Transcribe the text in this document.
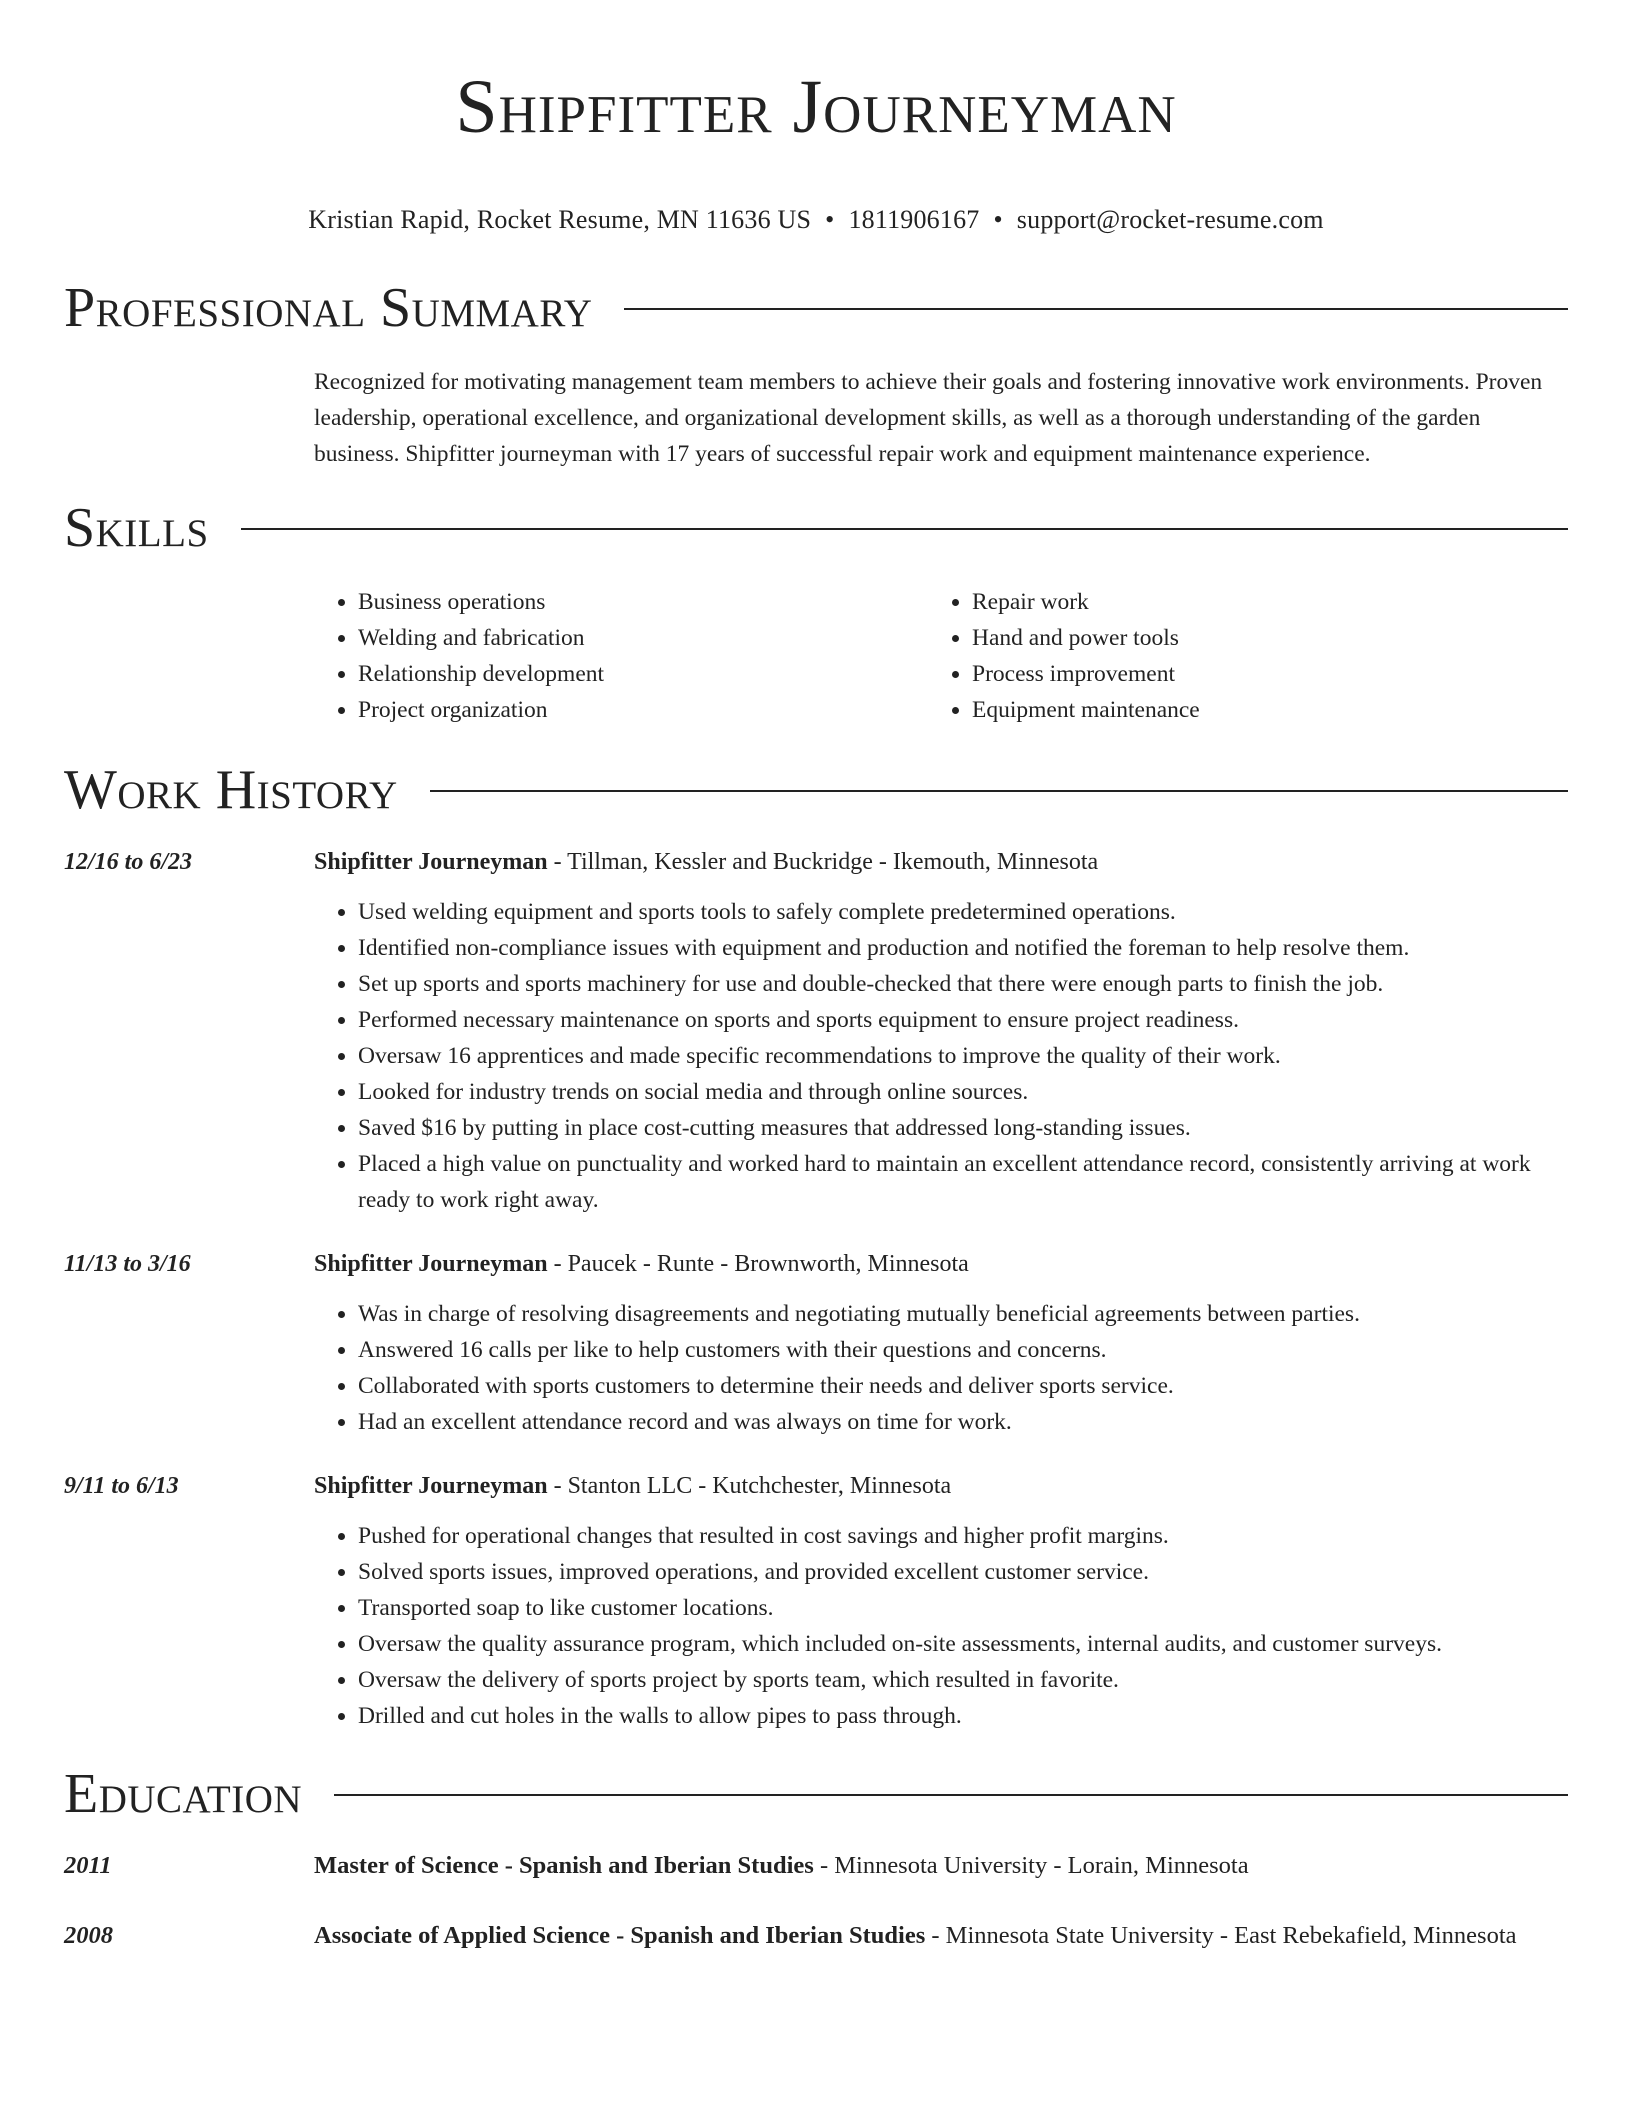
Shipfitter Journeyman
Kristian Rapid, Rocket Resume, MN 11636 US • 1811906167 • support@rocket-resume.com
Professional Summary

Recognized for motivating management team members to achieve their goals and fostering innovative work environments. Proven leadership, operational excellence, and organizational development skills, as well as a thorough understanding of the garden business. Shipfitter journeyman with 17 years of successful repair work and equipment maintenance experience.

Skills
• Business operations
• Welding and fabrication
• Relationship development
• Project organization
• Repair work
• Hand and power tools
• Process improvement
• Equipment maintenance
Work History
12/16 to 6/23	Shipfitter Journeyman - Tillman, Kessler and Buckridge - Ikemouth, Minnesota
• Used welding equipment and sports tools to safely complete predetermined operations.
• Identified non-compliance issues with equipment and production and notified the foreman to help resolve them.
• Set up sports and sports machinery for use and double-checked that there were enough parts to finish the job.
• Performed necessary maintenance on sports and sports equipment to ensure project readiness.
• Oversaw 16 apprentices and made specific recommendations to improve the quality of their work.
• Looked for industry trends on social media and through online sources.
• Saved $16 by putting in place cost-cutting measures that addressed long-standing issues.
• Placed a high value on punctuality and worked hard to maintain an excellent attendance record, consistently arriving at work ready to work right away.
11/13 to 3/16	Shipfitter Journeyman - Paucek - Runte - Brownworth, Minnesota
• Was in charge of resolving disagreements and negotiating mutually beneficial agreements between parties.
• Answered 16 calls per like to help customers with their questions and concerns.
• Collaborated with sports customers to determine their needs and deliver sports service.
• Had an excellent attendance record and was always on time for work.
9/11 to 6/13	Shipfitter Journeyman - Stanton LLC - Kutchchester, Minnesota
• Pushed for operational changes that resulted in cost savings and higher profit margins.
• Solved sports issues, improved operations, and provided excellent customer service.
• Transported soap to like customer locations.
• Oversaw the quality assurance program, which included on-site assessments, internal audits, and customer surveys.
• Oversaw the delivery of sports project by sports team, which resulted in favorite.
• Drilled and cut holes in the walls to allow pipes to pass through.
Education
2011	Master of Science - Spanish and Iberian Studies - Minnesota University - Lorain, Minnesota
2008	Associate of Applied Science - Spanish and Iberian Studies - Minnesota State University - East Rebekafield, Minnesota
